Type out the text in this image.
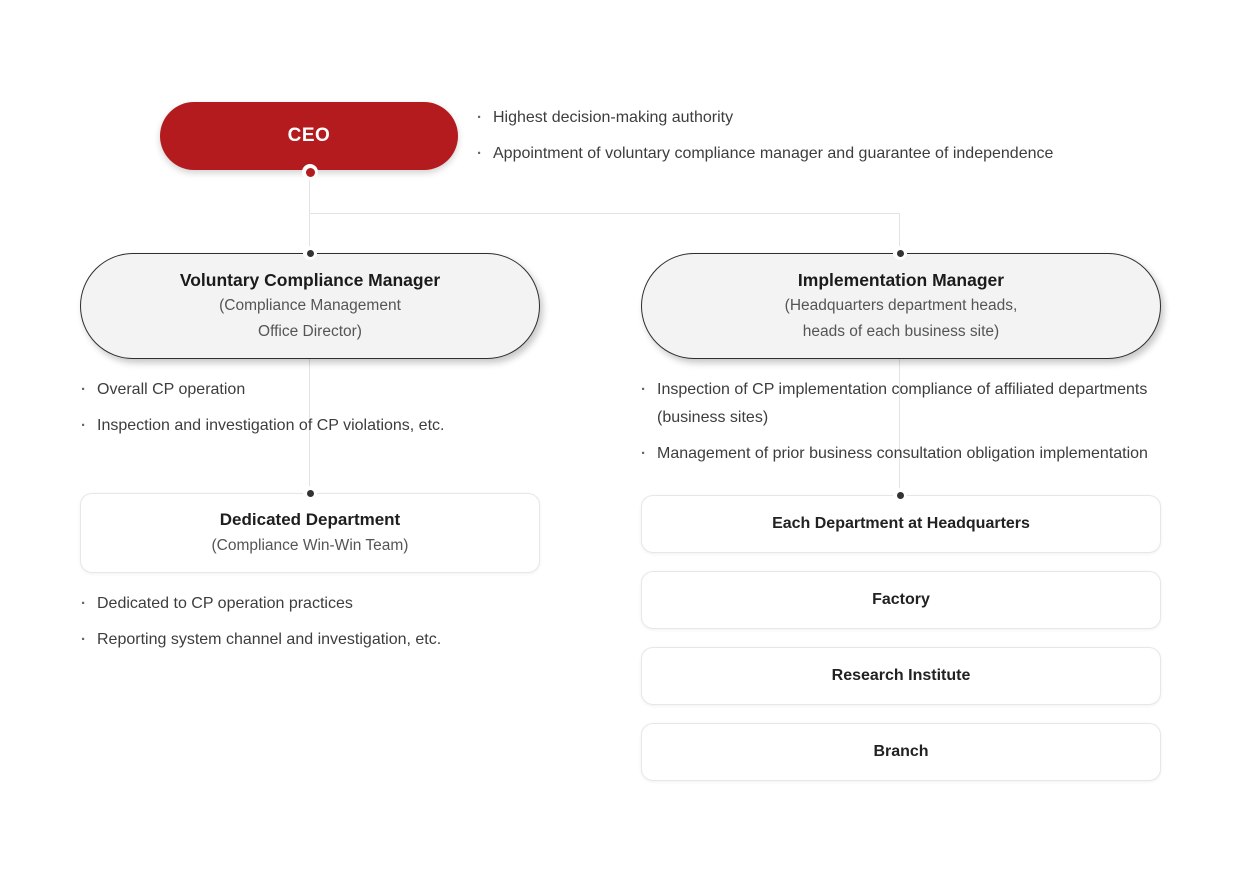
CEO
· Highest decision-making authority
· Appointment of voluntary compliance manager and guarantee of independence
Voluntary Compliance Manager
(Compliance Management
Office Director)
Implementation Manager
(Headquarters department heads,
heads of each business site)
· Overall CP operation
· Inspection and investigation of CP violations, etc.
· Inspection of CP implementation compliance of affiliated departments (business sites)
· Management of prior business consultation obligation implementation
Dedicated Department
(Compliance Win-Win Team)
· Dedicated to CP operation practices
· Reporting system channel and investigation, etc.
Each Department at Headquarters
Factory
Research Institute
Branch
